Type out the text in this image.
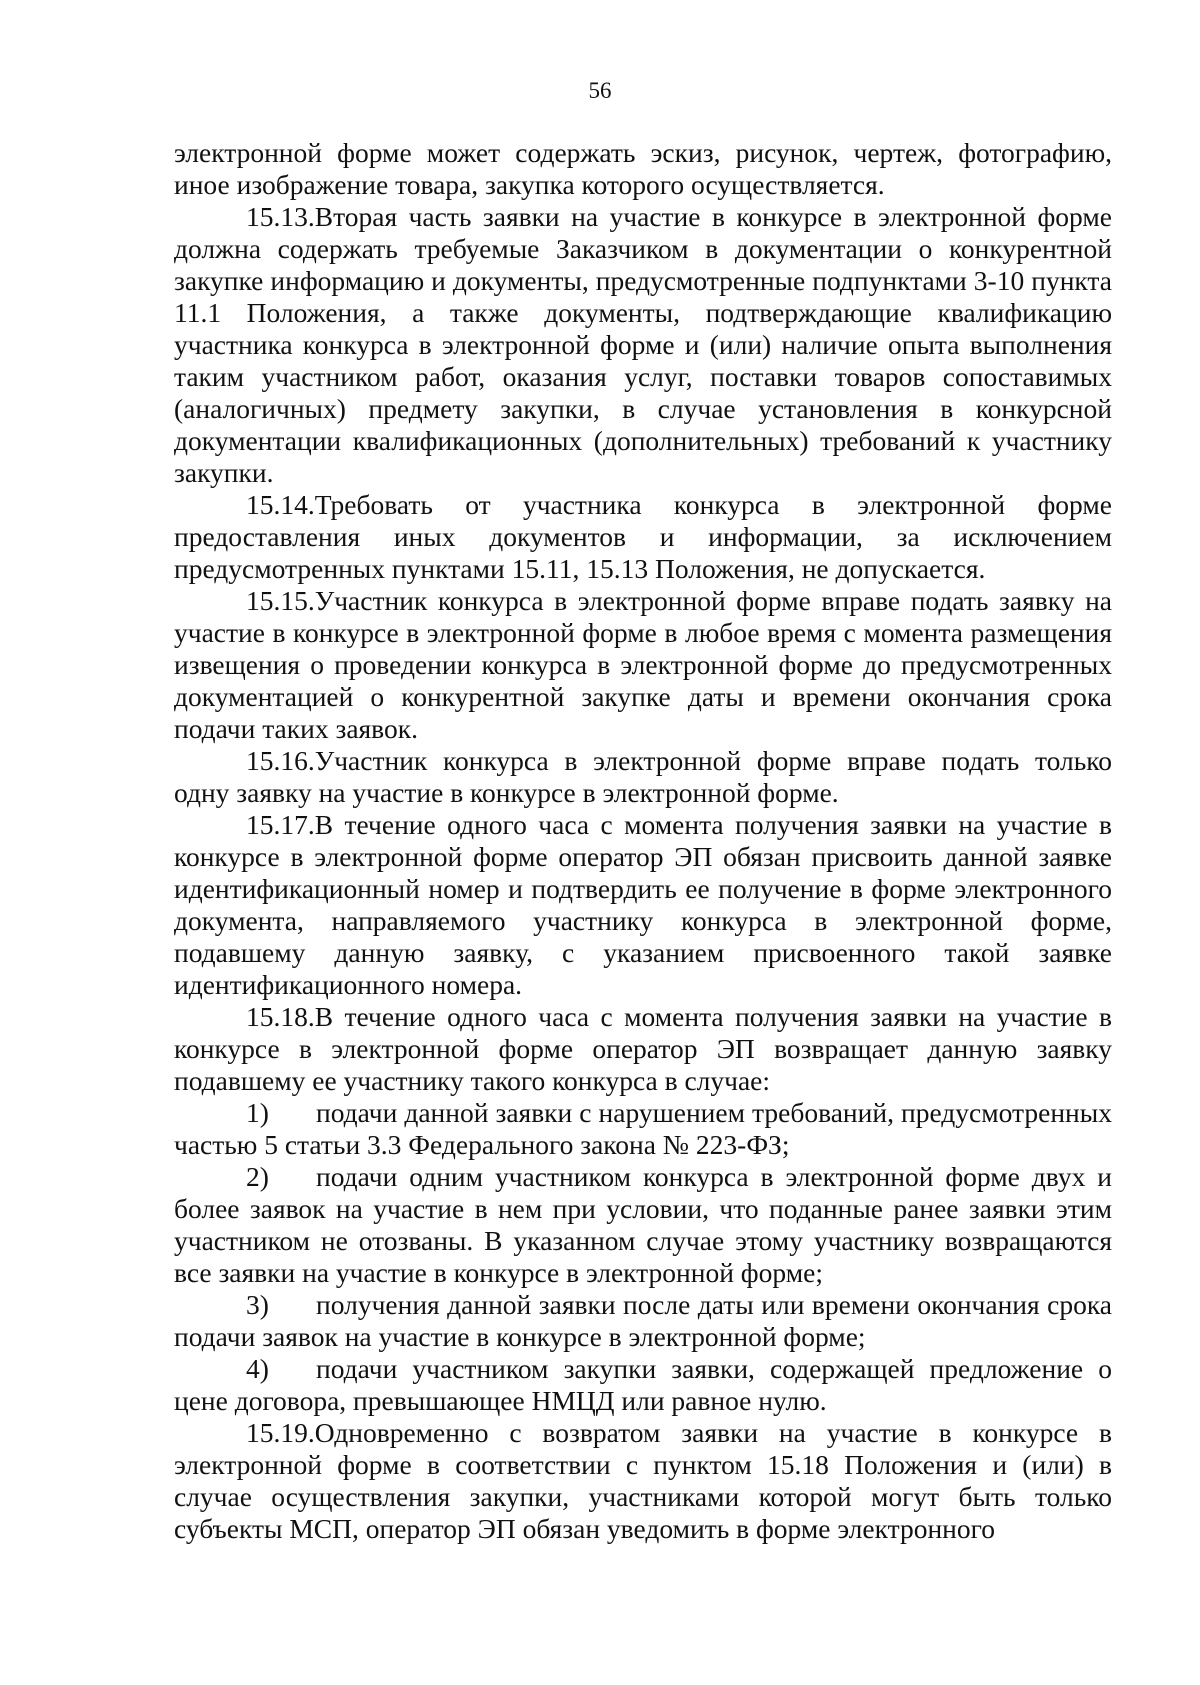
56

электронной форме может содержать эскиз, рисунок, чертеж, фотографию, иное изображение товара, закупка которого осуществляется.

15.13.Вторая часть заявки на участие в конкурсе в электронной форме должна содержать требуемые Заказчиком в документации о конкурентной закупке информацию и документы, предусмотренные подпунктами 3-10 пункта 11.1 Положения, а также документы, подтверждающие квалификацию участника конкурса в электронной форме и (или) наличие опыта выполнения таким участником работ, оказания услуг, поставки товаров сопоставимых (аналогичных) предмету закупки, в случае установления в конкурсной документации квалификационных (дополнительных) требований к участнику закупки.

15.14.Требовать от участника конкурса в электронной форме предоставления иных документов и информации, за исключением предусмотренных пунктами 15.11, 15.13 Положения, не допускается.

15.15.Участник конкурса в электронной форме вправе подать заявку на участие в конкурсе в электронной форме в любое время с момента размещения извещения о проведении конкурса в электронной форме до предусмотренных документацией о конкурентной закупке даты и времени окончания срока подачи таких заявок.

15.16.Участник конкурса в электронной форме вправе подать только одну заявку на участие в конкурсе в электронной форме.

15.17.В течение одного часа с момента получения заявки на участие в конкурсе в электронной форме оператор ЭП обязан присвоить данной заявке идентификационный номер и подтвердить ее получение в форме электронного документа, направляемого участнику конкурса в электронной форме, подавшему данную заявку, с указанием присвоенного такой заявке идентификационного номера.

15.18.В течение одного часа с момента получения заявки на участие в конкурсе в электронной форме оператор ЭП возвращает данную заявку подавшему ее участнику такого конкурса в случае:

1) подачи данной заявки с нарушением требований, предусмотренных частью 5 статьи 3.3 Федерального закона № 223-ФЗ;

2) подачи одним участником конкурса в электронной форме двух и более заявок на участие в нем при условии, что поданные ранее заявки этим участником не отозваны. В указанном случае этому участнику возвращаются все заявки на участие в конкурсе в электронной форме;

3) получения данной заявки после даты или времени окончания срока подачи заявок на участие в конкурсе в электронной форме;

4) подачи участником закупки заявки, содержащей предложение о цене договора, превышающее НМЦД или равное нулю.

15.19.Одновременно с возвратом заявки на участие в конкурсе в электронной форме в соответствии с пунктом 15.18 Положения и (или) в случае осуществления закупки, участниками которой могут быть только субъекты МСП, оператор ЭП обязан уведомить в форме электронного
